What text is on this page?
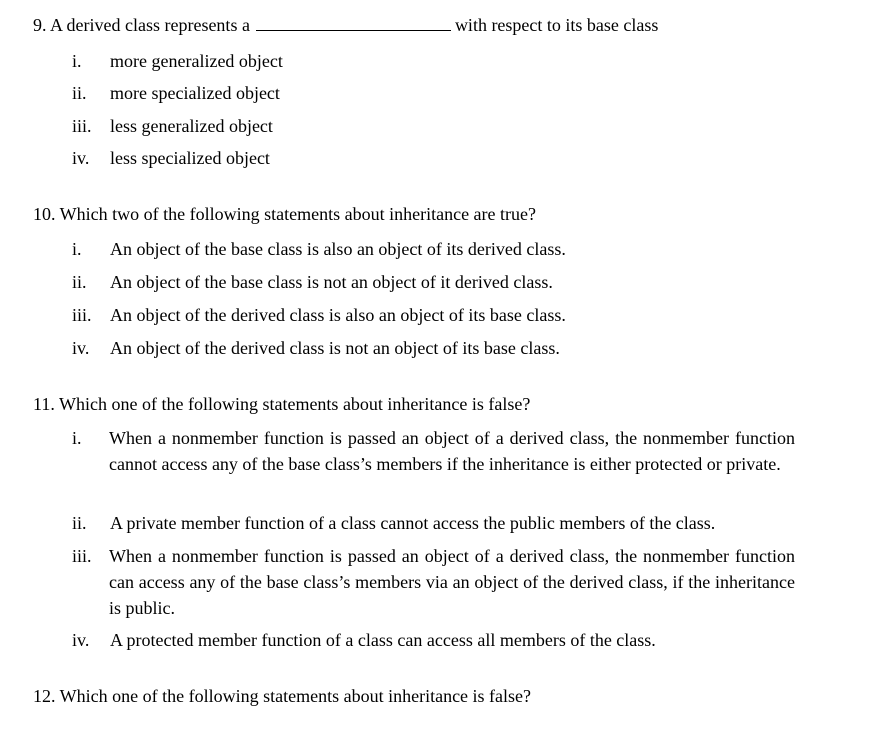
9. A derived class represents a	with respect to its base class
i. more generalized object
ii. more specialized object
iii. less generalized object
iv. less specialized object
10. Which two of the following statements about inheritance are true?
i. An object of the base class is also an object of its derived class.
ii. An object of the base class is not an object of it derived class.
iii. An object of the derived class is also an object of its base class.
iv. An object of the derived class is not an object of its base class.
11. Which one of the following statements about inheritance is false?
i.	When a nonmember function is passed an object of a derived class, the nonmember function cannot access any of the base class’s members if the inheritance is either protected or private.
ii. A private member function of a class cannot access the public members of the class.
iii. When a nonmember function is passed an object of a derived class, the nonmember function can access any of the base class’s members via an object of the derived class, if the inheritance is public.
iv. A protected member function of a class can access all members of the class.
12. Which one of the following statements about inheritance is false?
